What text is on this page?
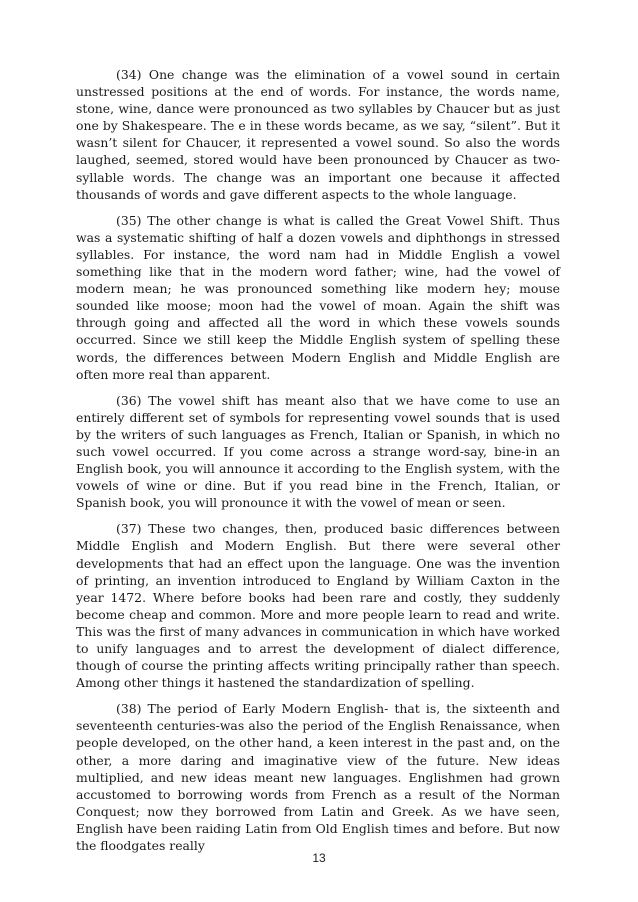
(34) One change was the elimination of a vowel sound in certain unstressed positions at the end of words. For instance, the words name, stone, wine, dance were pronounced as two syllables by Chaucer but as just one by Shakespeare. The e in these words became, as we say, “silent”. But it wasn’t silent for Chaucer, it represented a vowel sound. So also the words laughed, seemed, stored would have been pronounced by Chaucer as two-syllable words. The change was an important one because it affected thousands of words and gave different aspects to the whole language.

(35) The other change is what is called the Great Vowel Shift. Thus was a systematic shifting of half a dozen vowels and diphthongs in stressed syllables. For instance, the word nam had in Middle English a vowel something like that in the modern word father; wine, had the vowel of modern mean; he was pronounced something like modern hey; mouse sounded like moose; moon had the vowel of moan. Again the shift was through going and affected all the word in which these vowels sounds occurred. Since we still keep the Middle English system of spelling these words, the differences between Modern English and Middle English are often more real than apparent.

(36) The vowel shift has meant also that we have come to use an entirely different set of symbols for representing vowel sounds that is used by the writers of such languages as French, Italian or Spanish, in which no such vowel occurred. If you come across a strange word-say, bine-in an English book, you will announce it according to the English system, with the vowels of wine or dine. But if you read bine in the French, Italian, or Spanish book, you will pronounce it with the vowel of mean or seen.

(37) These two changes, then, produced basic differences between Middle English and Modern English. But there were several other developments that had an effect upon the language. One was the invention of printing, an invention introduced to England by William Caxton in the year 1472. Where before books had been rare and costly, they suddenly become cheap and common. More and more people learn to read and write. This was the first of many advances in communication in which have worked to unify languages and to arrest the development of dialect difference, though of course the printing affects writing principally rather than speech. Among other things it hastened the standardization of spelling.

(38) The period of Early Modern English- that is, the sixteenth and seventeenth centuries-was also the period of the English Renaissance, when people developed, on the other hand, a keen interest in the past and, on the other, a more daring and imaginative view of the future. New ideas multiplied, and new ideas meant new languages. Englishmen had grown accustomed to borrowing words from French as a result of the Norman Conquest; now they borrowed from Latin and Greek. As we have seen, English have been raiding Latin from Old English times and before. But now the floodgates really

13
